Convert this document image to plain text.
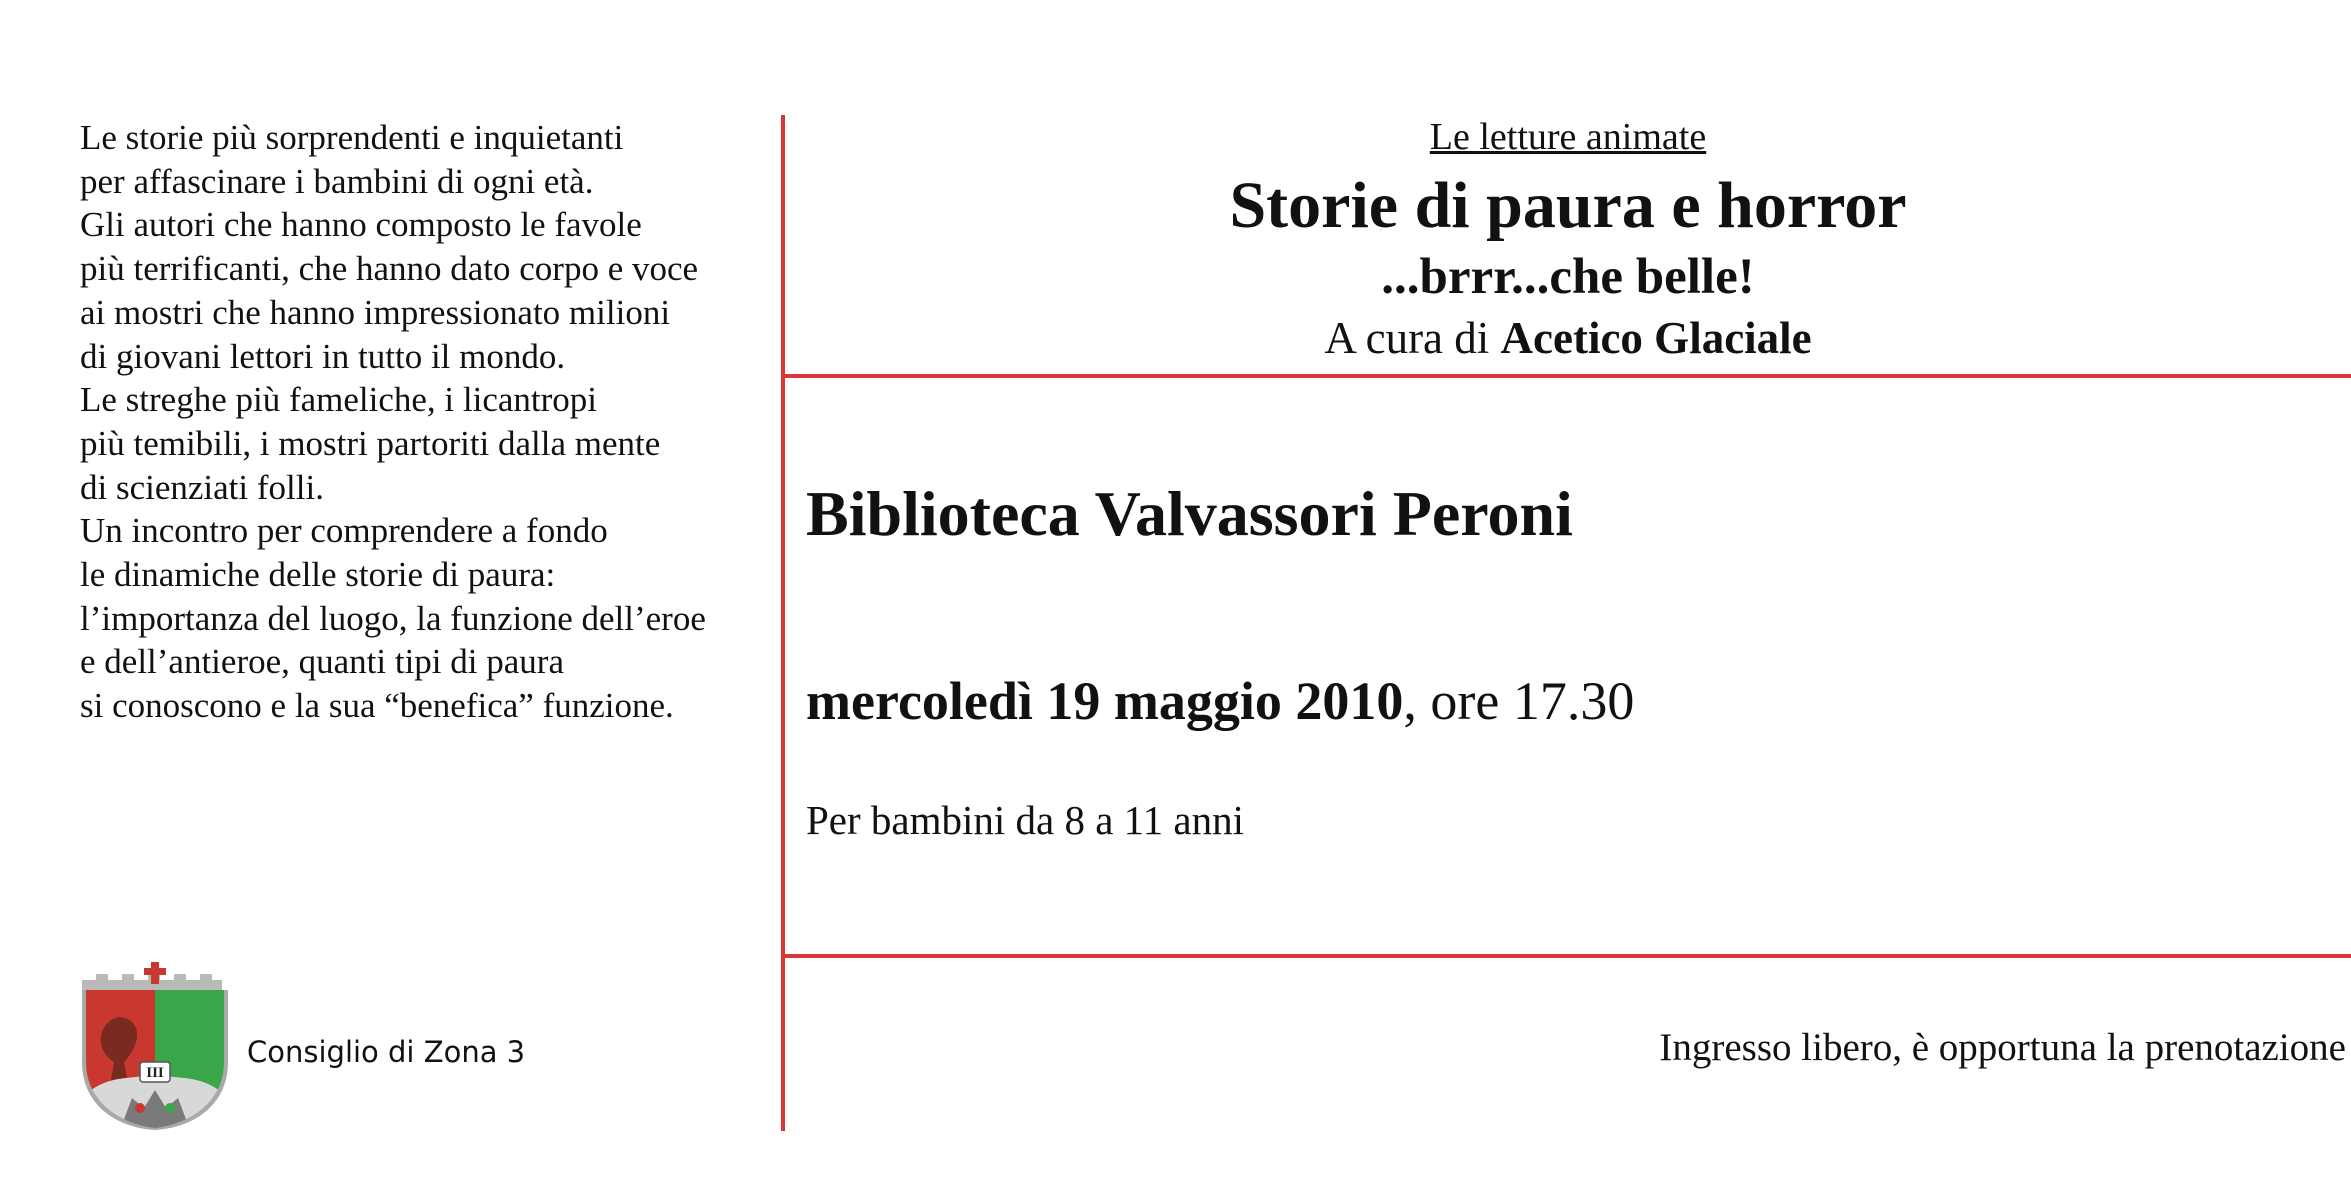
Le storie più sorprendenti e inquietanti
per affascinare i bambini di ogni età.
Gli autori che hanno composto le favole
più terrificanti, che hanno dato corpo e voce
ai mostri che hanno impressionato milioni
di giovani lettori in tutto il mondo.
Le streghe più fameliche, i licantropi
più temibili, i mostri partoriti dalla mente
di scienziati folli.
Un incontro per comprendere a fondo
le dinamiche delle storie di paura:
l’importanza del luogo, la funzione dell’eroe
e dell’antieroe, quanti tipi di paura
si conoscono e la sua “benefica” funzione.
Le letture animate
Storie di paura e horror
...brrr...che belle!
A cura di Acetico Glaciale
Biblioteca Valvassori Peroni
mercoledì 19 maggio 2010, ore 17.30
Per bambini da 8 a 11 anni
Ingresso libero, è opportuna la prenotazione
III
Consiglio di Zona 3
